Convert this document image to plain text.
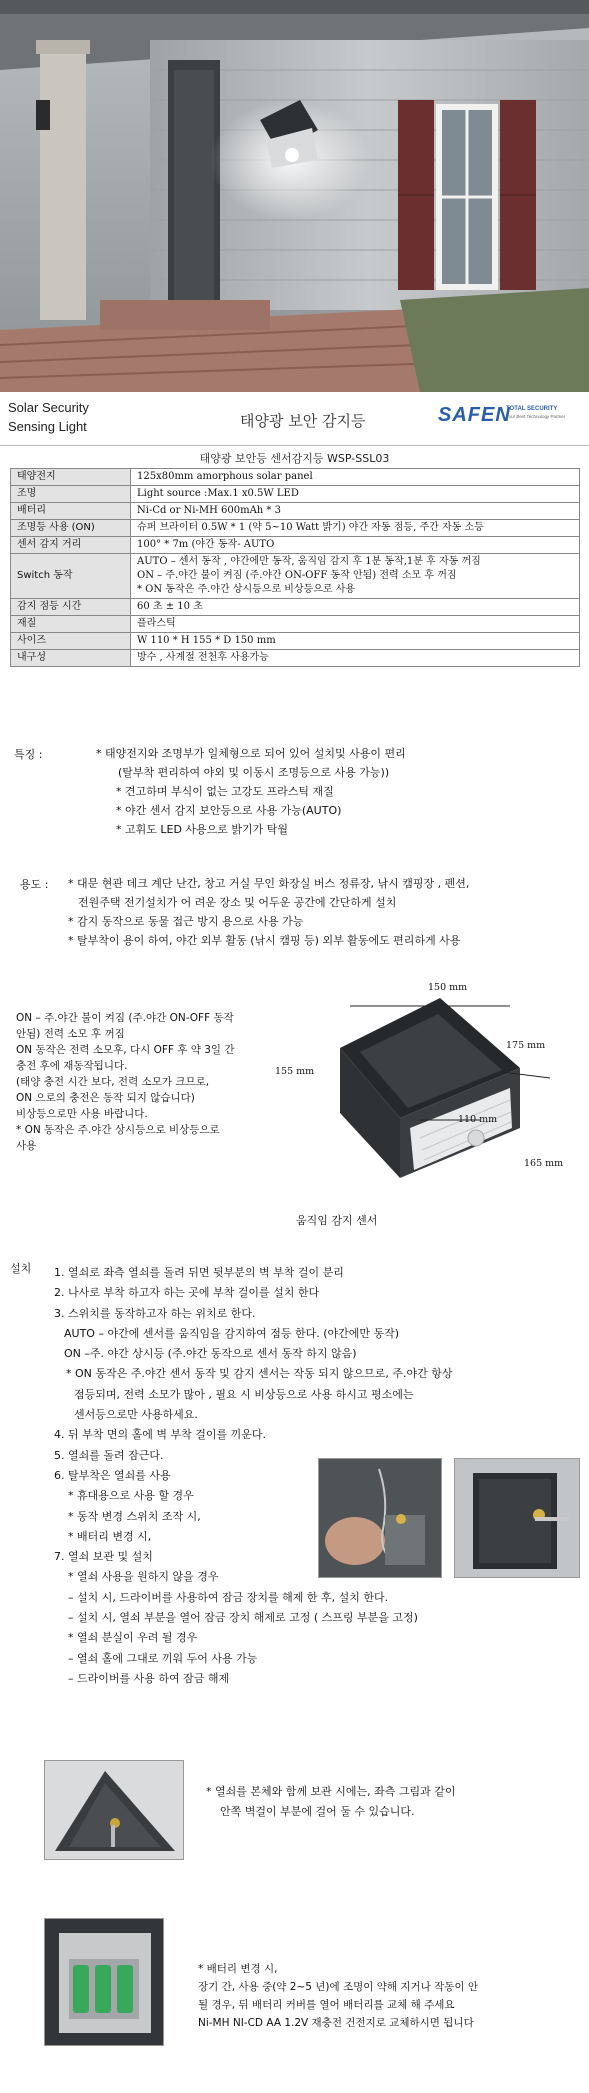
Solar Security
Sensing Light	태양광 보안 감지등	SAFEN
TOTAL SECURITY
Your Best Technology Partner
태양광 보안등 센서감지등 WSP-SSL03
태양전지	125x80mm amorphous solar panel
조명	Light source :Max.1 x0.5W LED
배터리	Ni-Cd or Ni-MH 600mAh * 3
조명등 사용 (ON)	슈퍼 브라이터 0.5W * 1 (약 5~10 Watt 밝기) 야간 자동 점등, 주간 자동 소등
센서 감지 거리	100° * 7m (야간 동작- AUTO
Switch 동작	AUTO – 센서 동작 , 야간에만 동작, 움직임 감지 후 1분 동작,1분 후 자동 꺼짐
ON – 주.야간 불이 켜짐 (주.야간 ON-OFF 동작 안됨) 전력 소모 후 꺼짐
* ON 동작은 주.야간 상시등으로 비상등으로 사용

감지 점등 시간	60 초 ± 10 초
재질	플라스틱
사이즈	W 110 * H 155 * D 150 mm
내구성	방수 , 사계절 전천후 사용가능
특징 :	* 태양전지와 조명부가 일체형으로 되어 있어 설치및 사용이 편리
(탈부착 편리하여 야외 및 이동시 조명등으로 사용 가능))
* 견고하며 부식이 없는 고강도 프라스틱 재질
* 야간 센서 감지 보안등으로 사용 가능(AUTO)
* 고휘도 LED 사용으로 밝기가 탁월
용도 : * 대문 현관 데크 계단 난간, 창고 거실 무인 화장실 버스 정류장, 낚시 캠핑장 , 펜션,
전원주택 전기설치가 어 려운 장소 및 어두운 공간에 간단하게 설치
* 감지 동작으로 동물 접근 방지 용으로 사용 가능
* 탈부착이 용이 하여, 야간 외부 활동 (낚시 캠핑 등) 외부 활동에도 편리하게 사용
ON – 주.야간 불이 켜짐 (주.야간 ON-OFF 동작
안됨) 전력 소모 후 꺼짐
ON 동작은 전력 소모후, 다시 OFF 후 약 3일 간
충전 후에 재동작됩니다.
(태양 충전 시간 보다, 전력 소모가 크므로,
ON 으로의 충전은 동작 되지 않습니다)
비상등으로만 사용 바랍니다.
* ON 동작은 주.야간 상시등으로 비상등으로
사용
150 mm
175 mm
155 mm
110 mm
165 mm
움직임 감지 센서
설치 1. 열쇠로 좌측 열쇠를 돌려 뒤면 뒷부분의 벽 부착 걸이 분리
2. 나사로 부착 하고자 하는 곳에 부착 걸이를 설치 한다
3. 스위치를 동작하고자 하는 위치로 한다.
AUTO – 야간에 센서를 움직임을 감지하여 점등 한다. (야간에만 동작)
ON –주. 야간 상시등 (주.야간 동작으로 센서 동작 하지 않음)
* ON 동작은 주.야간 센서 동작 및 감지 센서는 작동 되지 않으므로, 주.야간 항상
점등되며, 전력 소모가 많아 , 필요 시 비상등으로 사용 하시고 평소에는
센서등으로만 사용하세요.
4. 뒤 부착 면의 홀에 벽 부착 걸이를 끼운다.
5. 열쇠를 돌려 잠근다.
6. 탈부착은 열쇠를 사용
* 휴대용으로 사용 할 경우
* 동작 변경 스위치 조작 시,
* 배터리 변경 시,
7. 열쇠 보관 및 설치
* 열쇠 사용을 원하지 않을 경우
– 설치 시, 드라이버를 사용하여 잠금 장치를 해제 한 후, 설치 한다.
– 설치 시, 열쇠 부분을 열어 잠금 장치 해제로 고정 ( 스프링 부분을 고정)
* 열쇠 분실이 우려 될 경우
– 열쇠 홀에 그대로 끼워 두어 사용 가능
– 드라이버를 사용 하여 잠금 해제
* 열쇠를 본체와 함께 보관 시에는, 좌측 그림과 같이
안쪽 벽걸이 부분에 걸어 둘 수 있습니다.
* 배터리 변경 시,
장기 간, 사용 중(약 2~5 년)에 조명이 약해 지거나 작동이 안
될 경우, 뒤 배터리 커버를 열어 배터리를 교체 해 주세요
Ni-MH NI-CD AA 1.2V 재충전 건전지로 교체하시면 됩니다
